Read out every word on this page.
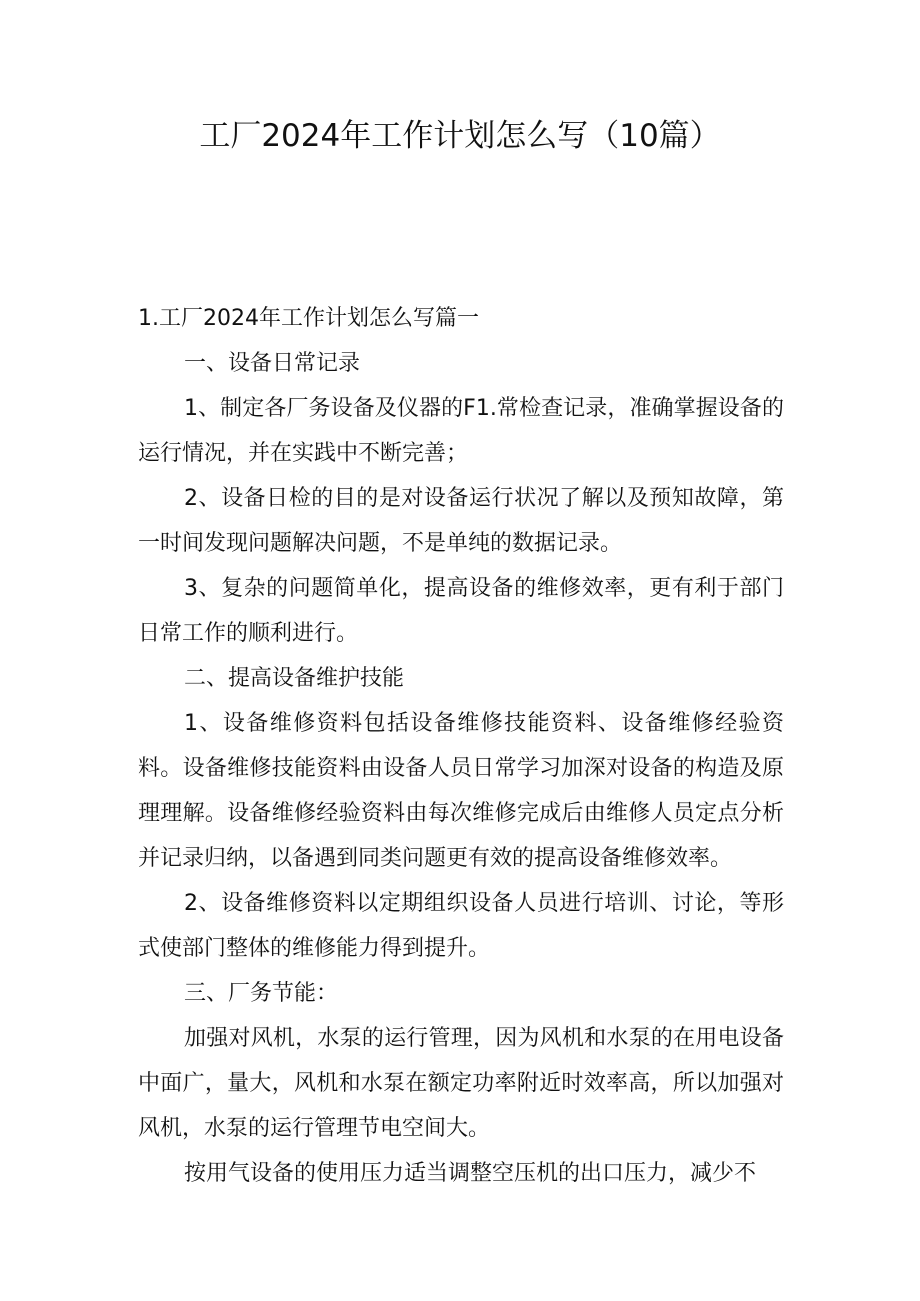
工厂2024年工作计划怎么写（10篇）

1.工厂2024年工作计划怎么写篇一

一、设备日常记录

1、制定各厂务设备及仪器的F1.常检查记录，准确掌握设备的运行情况，并在实践中不断完善；

2、设备日检的目的是对设备运行状况了解以及预知故障，第一时间发现问题解决问题，不是单纯的数据记录。

3、复杂的问题简单化，提高设备的维修效率，更有利于部门日常工作的顺利进行。

二、提高设备维护技能

1、设备维修资料包括设备维修技能资料、设备维修经验资料。设备维修技能资料由设备人员日常学习加深对设备的构造及原理理解。设备维修经验资料由每次维修完成后由维修人员定点分析并记录归纳，以备遇到同类问题更有效的提高设备维修效率。

2、设备维修资料以定期组织设备人员进行培训、讨论，等形式使部门整体的维修能力得到提升。

三、厂务节能：

加强对风机，水泵的运行管理，因为风机和水泵的在用电设备中面广，量大，风机和水泵在额定功率附近时效率高，所以加强对风机，水泵的运行管理节电空间大。

按用气设备的使用压力适当调整空压机的出口压力，减少不
